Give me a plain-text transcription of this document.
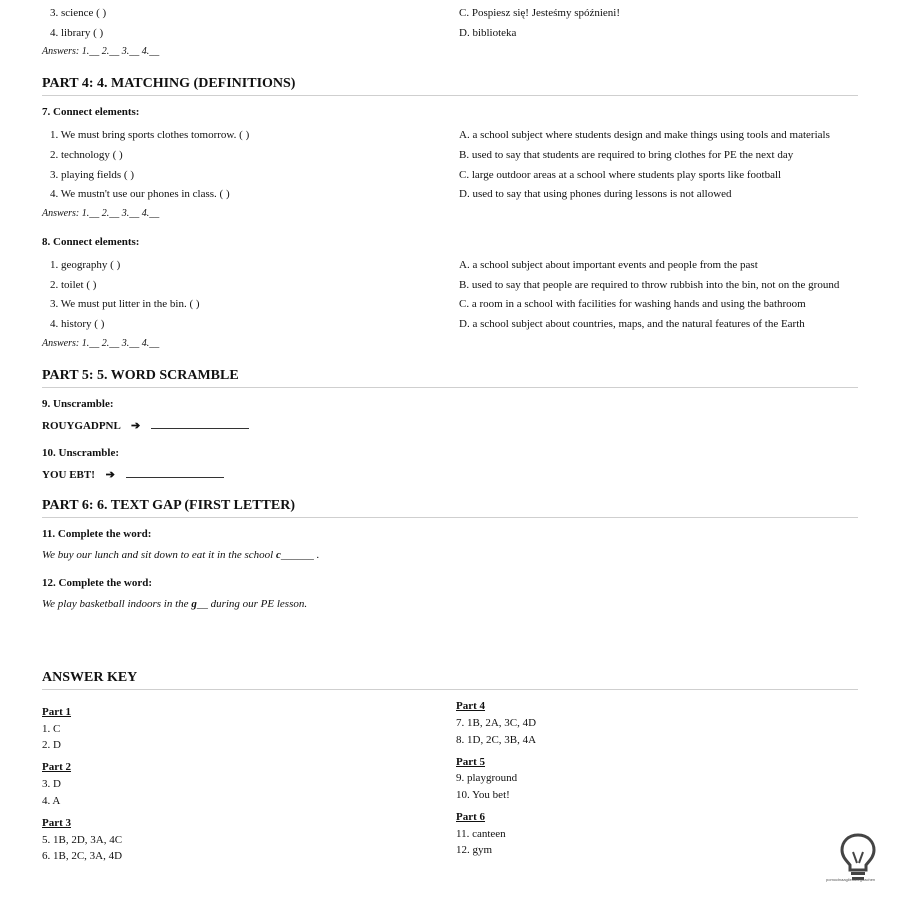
3. science ( )
4. library ( )
C. Pospiesz się! Jesteśmy spóźnieni!
D. biblioteka
Answers: 1.__ 2.__ 3.__ 4.__
PART 4: 4. MATCHING (DEFINITIONS)
7. Connect elements:
1. We must bring sports clothes tomorrow. ( )
2. technology ( )
3. playing fields ( )
4. We mustn't use our phones in class. ( )
A. a school subject where students design and make things using tools and materials
B. used to say that students are required to bring clothes for PE the next day
C. large outdoor areas at a school where students play sports like football
D. used to say that using phones during lessons is not allowed
Answers: 1.__ 2.__ 3.__ 4.__
8. Connect elements:
1. geography ( )
2. toilet ( )
3. We must put litter in the bin. ( )
4. history ( )
A. a school subject about important events and people from the past
B. used to say that people are required to throw rubbish into the bin, not on the ground
C. a room in a school with facilities for washing hands and using the bathroom
D. a school subject about countries, maps, and the natural features of the Earth
Answers: 1.__ 2.__ 3.__ 4.__
PART 5: 5. WORD SCRAMBLE
9. Unscramble:
ROUYGADPNL ➔
10. Unscramble:
YOU EBT! ➔
PART 6: 6. TEXT GAP (FIRST LETTER)
11. Complete the word:
We buy our lunch and sit down to eat it in the school c______ .
12. Complete the word:
We play basketball indoors in the g__ during our PE lesson.
ANSWER KEY
Part 1
1. C
2. D
Part 2
3. D
4. A
Part 3
5. 1B, 2D, 3A, 4C
6. 1B, 2C, 3A, 4D
Part 4
7. 1B, 2A, 3C, 4D
8. 1D, 2C, 3B, 4A
Part 5
9. playground
10. You bet!
Part 6
11. canteen
12. gym
pomocłnaaglielskiegoachen
